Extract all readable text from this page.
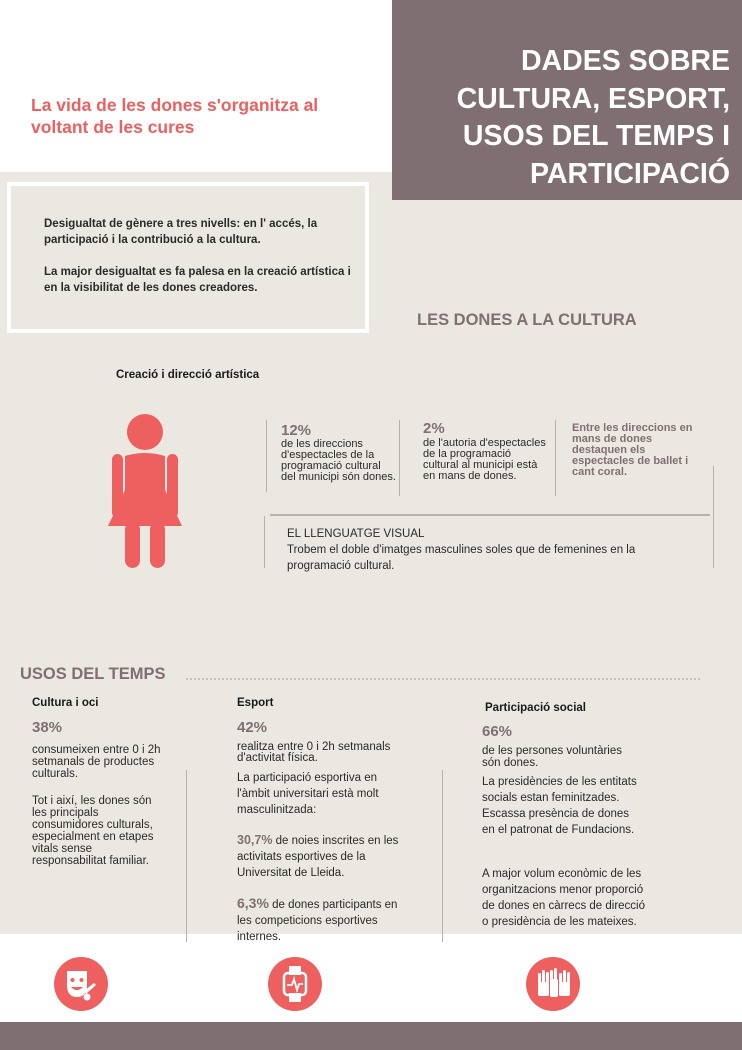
DADES SOBRE CULTURA, ESPORT, USOS DEL TEMPS I PARTICIPACIÓ
La vida de les dones s'organitza al voltant de les cures

Desigualtat de gènere a tres nivells: en l' accés, la participació i la contribució a la cultura.

La major desigualtat es fa palesa en la creació artística i en la visibilitat de les dones creadores.

LES DONES A LA CULTURA
Creació i direcció artística
12%
de les direccions d'espectacles de la programació cultural del municipi són dones.
2%
de l'autoria d'espectacles de la programació cultural al municipi està en mans de dones.
Entre les direccions en mans de dones destaquen els espectacles de ballet i cant coral.
EL LLENGUATGE VISUAL
Trobem el doble d'imatges masculines soles que de femenines en la programació cultural.
USOS DEL TEMPS
Cultura i oci
38%
consumeixen entre 0 i 2h setmanals de productes culturals.
Tot i així, les dones són les principals consumidores culturals, especialment en etapes vitals sense responsabilitat familiar.
Esport
42%
realitza entre 0 i 2h setmanals d'activitat física.
La participació esportiva en l'àmbit universitari està molt masculinitzada:
30,7% de noies inscrites en les activitats esportives de la Universitat de Lleida.
6,3% de dones participants en les competicions esportives internes.
Participació social
66%
de les persones voluntàries són dones.
La presidències de les entitats socials estan feminitzades. Escassa presència de dones en el patronat de Fundacions.
A major volum econòmic de les organitzacions menor proporció de dones en càrrecs de direcció o presidència de les mateixes.
